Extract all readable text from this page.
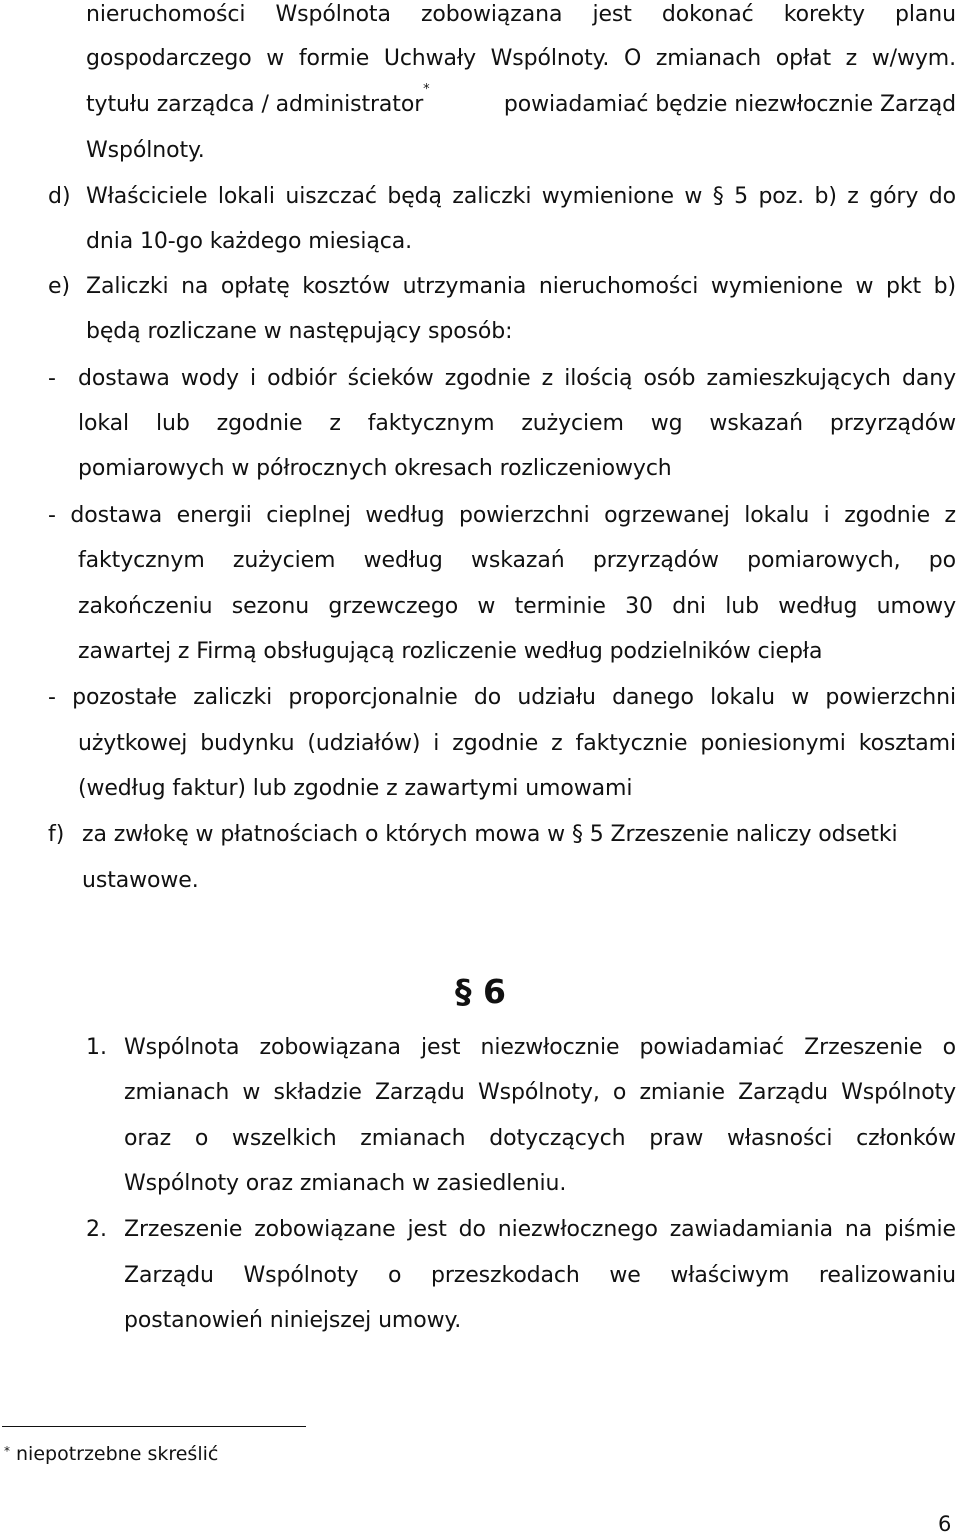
nieruchomości Wspólnota zobowiązana jest dokonać korekty planu
gospodarczego w formie Uchwały Wspólnoty. O zmianach opłat z w/wym.
tytułu zarządca / administrator*
powiadamiać będzie niezwłocznie Zarząd
Wspólnoty.
d) Właściciele lokali uiszczać będą zaliczki wymienione w § 5 poz. b) z góry do
dnia 10-go każdego miesiąca.
e) Zaliczki na opłatę kosztów utrzymania nieruchomości wymienione w pkt b)
będą rozliczane w następujący sposób:
- dostawa wody i odbiór ścieków zgodnie z ilością osób zamieszkujących dany
lokal lub zgodnie z faktycznym zużyciem wg wskazań przyrządów
pomiarowych w półrocznych okresach rozliczeniowych
- dostawa energii cieplnej według powierzchni ogrzewanej lokalu i zgodnie z
faktycznym zużyciem według wskazań przyrządów pomiarowych, po
zakończeniu sezonu grzewczego w terminie 30 dni lub według umowy
zawartej z Firmą obsługującą rozliczenie według podzielników ciepła
- pozostałe zaliczki proporcjonalnie do udziału danego lokalu w powierzchni
użytkowej budynku (udziałów) i zgodnie z faktycznie poniesionymi kosztami
(według faktur) lub zgodnie z zawartymi umowami
f) za zwłokę w płatnościach o których mowa w § 5 Zrzeszenie naliczy odsetki
ustawowe.
§ 6
1. Wspólnota zobowiązana jest niezwłocznie powiadamiać Zrzeszenie o
zmianach w składzie Zarządu Wspólnoty, o zmianie Zarządu Wspólnoty
oraz o wszelkich zmianach dotyczących praw własności członków
Wspólnoty oraz zmianach w zasiedleniu.
2. Zrzeszenie zobowiązane jest do niezwłocznego zawiadamiania na piśmie
Zarządu Wspólnoty o przeszkodach we właściwym realizowaniu
postanowień niniejszej umowy.
* niepotrzebne skreślić
6
